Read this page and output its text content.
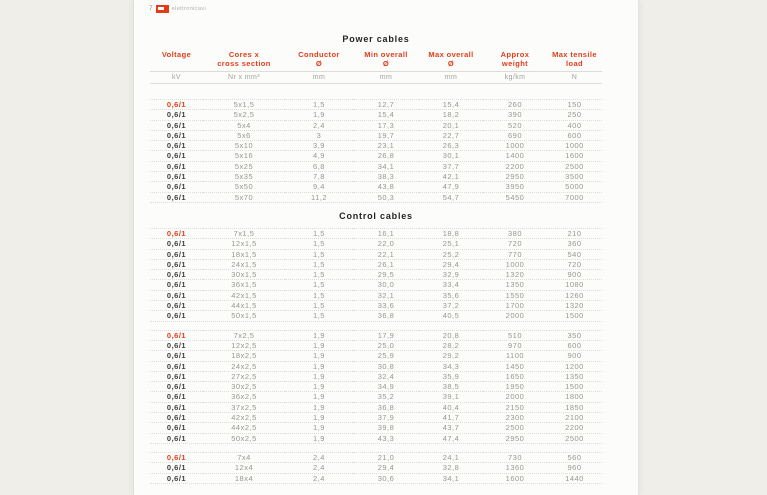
7	elettronicavi
Power cables
Voltage
	Cores x
cross section
Conductor
Ø
Min overall
Ø
Max overall
Ø
Approx
weight
Max tensile
load
kV	Nr x mm²	mm	mm	mm	kg/km	N
0,6/1	5x1,5	1,5	12,7	15,4	260	150
0,6/1	5x2,5	1,9	15,4	18,2	390	250
0,6/1	5x4	2,4	17,3	20,1	520	400
0,6/1	5x6	3	19,7	22,7	690	600
0,6/1	5x10	3,9	23,1	26,3	1000	1000
0,6/1	5x16	4,9	26,8	30,1	1400	1600
0,6/1	5x25	6,8	34,1	37,7	2200	2500
0,6/1	5x35	7,8	38,3	42,1	2950	3500
0,6/1	5x50	9,4	43,8	47,9	3950	5000
0,6/1	5x70	11,2	50,3	54,7	5450	7000
Control cables
0,6/1	7x1,5	1,5	16,1	18,8	380	210
0,6/1	12x1,5	1,5	22,0	25,1	720	360
0,6/1	18x1,5	1,5	22,1	25,2	770	540
0,6/1	24x1,5	1,5	26,1	29,4	1000	720
0,6/1	30x1,5	1,5	29,5	32,9	1320	900
0,6/1	36x1,5	1,5	30,0	33,4	1350	1080
0,6/1	42x1,5	1,5	32,1	35,6	1550	1260
0,6/1	44x1,5	1,5	33,6	37,2	1700	1320
0,6/1	50x1,5	1,5	36,8	40,5	2000	1500
0,6/1	7x2,5	1,9	17,9	20,8	510	350
0,6/1	12x2,5	1,9	25,0	28,2	970	600
0,6/1	18x2,5	1,9	25,9	29,2	1100	900
0,6/1	24x2,5	1,9	30,8	34,3	1450	1200
0,6/1	27x2,5	1,9	32,4	35,9	1650	1350
0,6/1	30x2,5	1,9	34,9	38,5	1950	1500
0,6/1	36x2,5	1,9	35,2	39,1	2000	1800
0,6/1	37x2,5	1,9	36,8	40,4	2150	1850
0,6/1	42x2,5	1,9	37,9	41,7	2300	2100
0,6/1	44x2,5	1,9	39,8	43,7	2500	2200
0,6/1	50x2,5	1,9	43,3	47,4	2950	2500
0,6/1	7x4	2,4	21,0	24,1	730	560
0,6/1	12x4	2,4	29,4	32,8	1360	960
0,6/1	18x4	2,4	30,6	34,1	1600	1440
